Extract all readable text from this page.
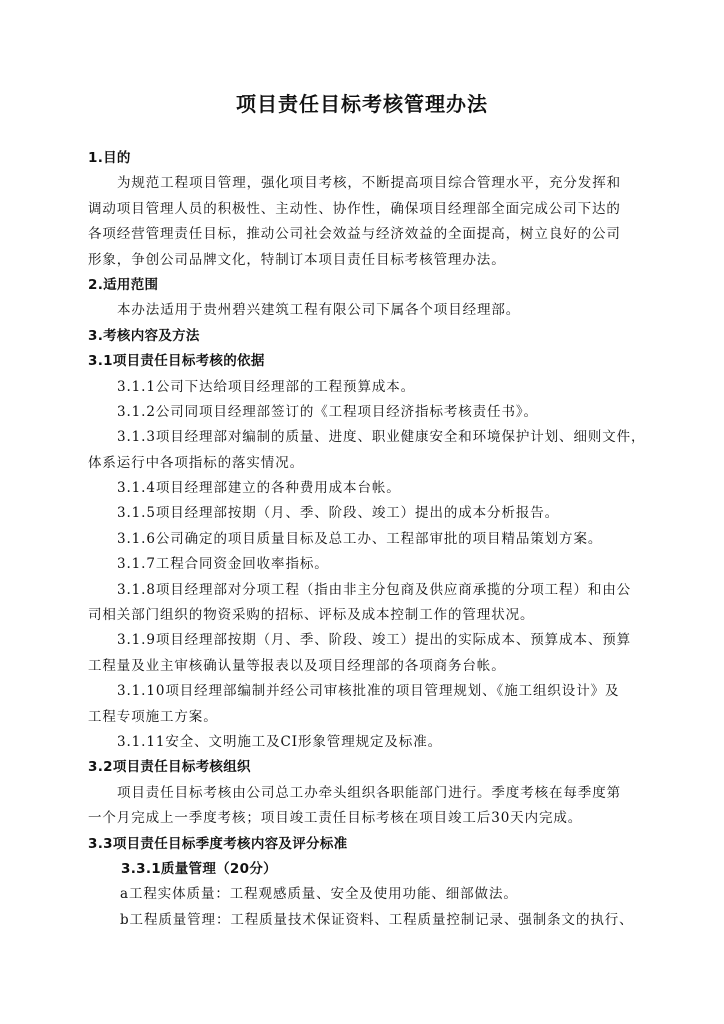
项目责任目标考核管理办法
1.目的
为规范工程项目管理，强化项目考核，不断提高项目综合管理水平，充分发挥和
调动项目管理人员的积极性、主动性、协作性，确保项目经理部全面完成公司下达的
各项经营管理责任目标，推动公司社会效益与经济效益的全面提高，树立良好的公司
形象，争创公司品牌文化，特制订本项目责任目标考核管理办法。
2.适用范围
本办法适用于贵州碧兴建筑工程有限公司下属各个项目经理部。
3.考核内容及方法
3.1项目责任目标考核的依据
3.1.1公司下达给项目经理部的工程预算成本。
3.1.2公司同项目经理部签订的《工程项目经济指标考核责任书》。
3.1.3项目经理部对编制的质量、进度、职业健康安全和环境保护计划、细则文件，
体系运行中各项指标的落实情况。
3.1.4项目经理部建立的各种费用成本台帐。
3.1.5项目经理部按期（月、季、阶段、竣工）提出的成本分析报告。
3.1.6公司确定的项目质量目标及总工办、工程部审批的项目精品策划方案。
3.1.7工程合同资金回收率指标。
3.1.8项目经理部对分项工程（指由非主分包商及供应商承揽的分项工程）和由公
司相关部门组织的物资采购的招标、评标及成本控制工作的管理状况。
3.1.9项目经理部按期（月、季、阶段、竣工）提出的实际成本、预算成本、预算
工程量及业主审核确认量等报表以及项目经理部的各项商务台帐。
3.1.10项目经理部编制并经公司审核批准的项目管理规划、《施工组织设计》及
工程专项施工方案。
3.1.11安全、文明施工及CI形象管理规定及标准。
3.2项目责任目标考核组织
项目责任目标考核由公司总工办牵头组织各职能部门进行。季度考核在每季度第
一个月完成上一季度考核；项目竣工责任目标考核在项目竣工后30天内完成。
3.3项目责任目标季度考核内容及评分标准
3.3.1质量管理（20分）
a工程实体质量：工程观感质量、安全及使用功能、细部做法。
b工程质量管理：工程质量技术保证资料、工程质量控制记录、强制条文的执行、
